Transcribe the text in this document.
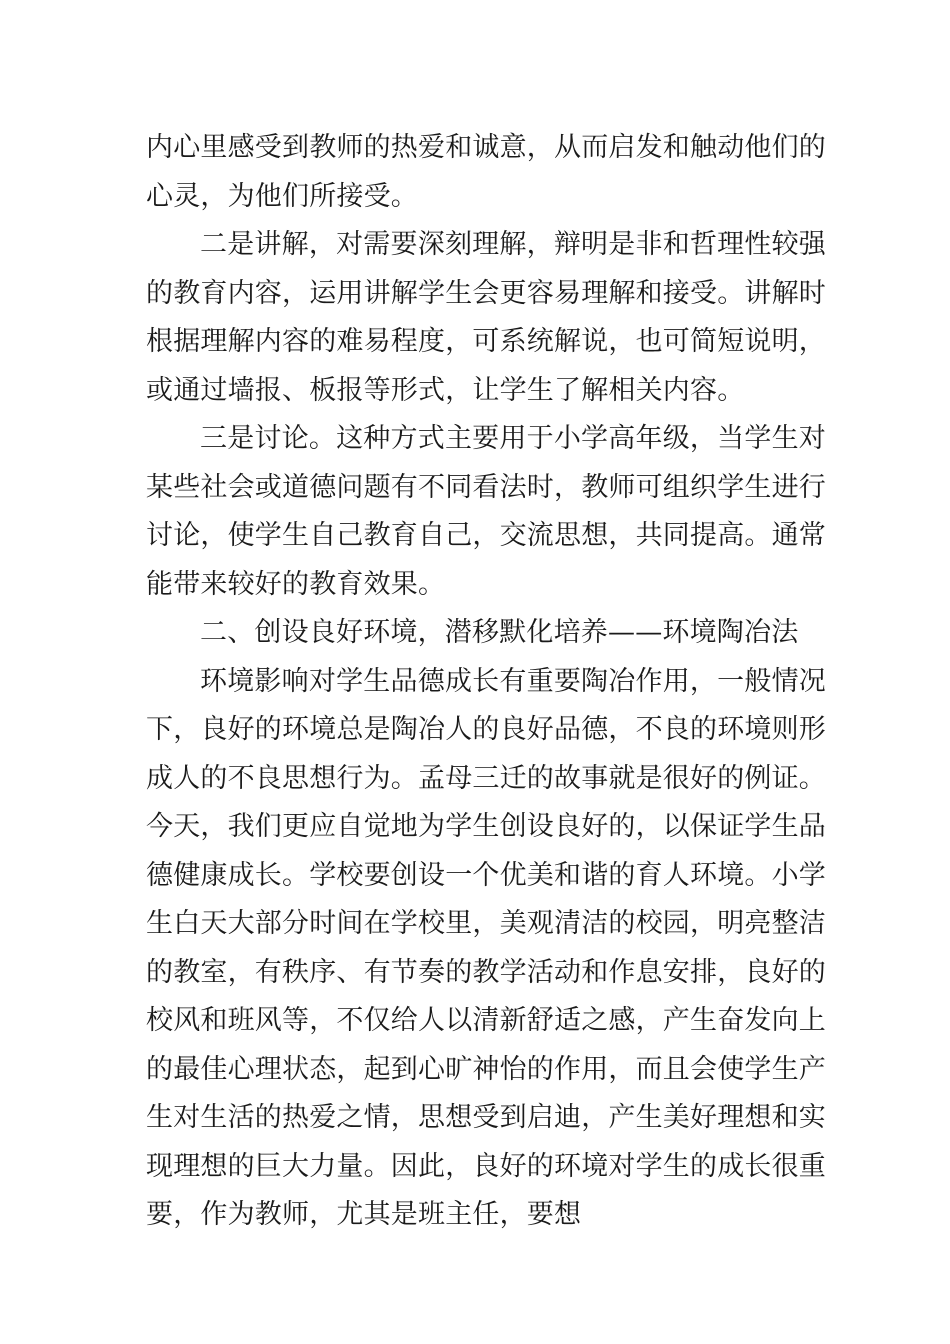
内心里感受到教师的热爱和诚意，从而启发和触动他们的心灵，为他们所接受。

二是讲解，对需要深刻理解，辩明是非和哲理性较强的教育内容，运用讲解学生会更容易理解和接受。讲解时根据理解内容的难易程度，可系统解说，也可简短说明，或通过墙报、板报等形式，让学生了解相关内容。

三是讨论。这种方式主要用于小学高年级，当学生对某些社会或道德问题有不同看法时，教师可组织学生进行讨论，使学生自己教育自己，交流思想，共同提高。通常能带来较好的教育效果。

二、创设良好环境，潜移默化培养——环境陶冶法

环境影响对学生品德成长有重要陶冶作用，一般情况下，良好的环境总是陶冶人的良好品德，不良的环境则形成人的不良思想行为。孟母三迁的故事就是很好的例证。今天，我们更应自觉地为学生创设良好的，以保证学生品德健康成长。学校要创设一个优美和谐的育人环境。小学生白天大部分时间在学校里，美观清洁的校园，明亮整洁的教室，有秩序、有节奏的教学活动和作息安排，良好的校风和班风等，不仅给人以清新舒适之感，产生奋发向上的最佳心理状态，起到心旷神怡的作用，而且会使学生产生对生活的热爱之情，思想受到启迪，产生美好理想和实现理想的巨大力量。因此，良好的环境对学生的成长很重要，作为教师，尤其是班主任，要想
